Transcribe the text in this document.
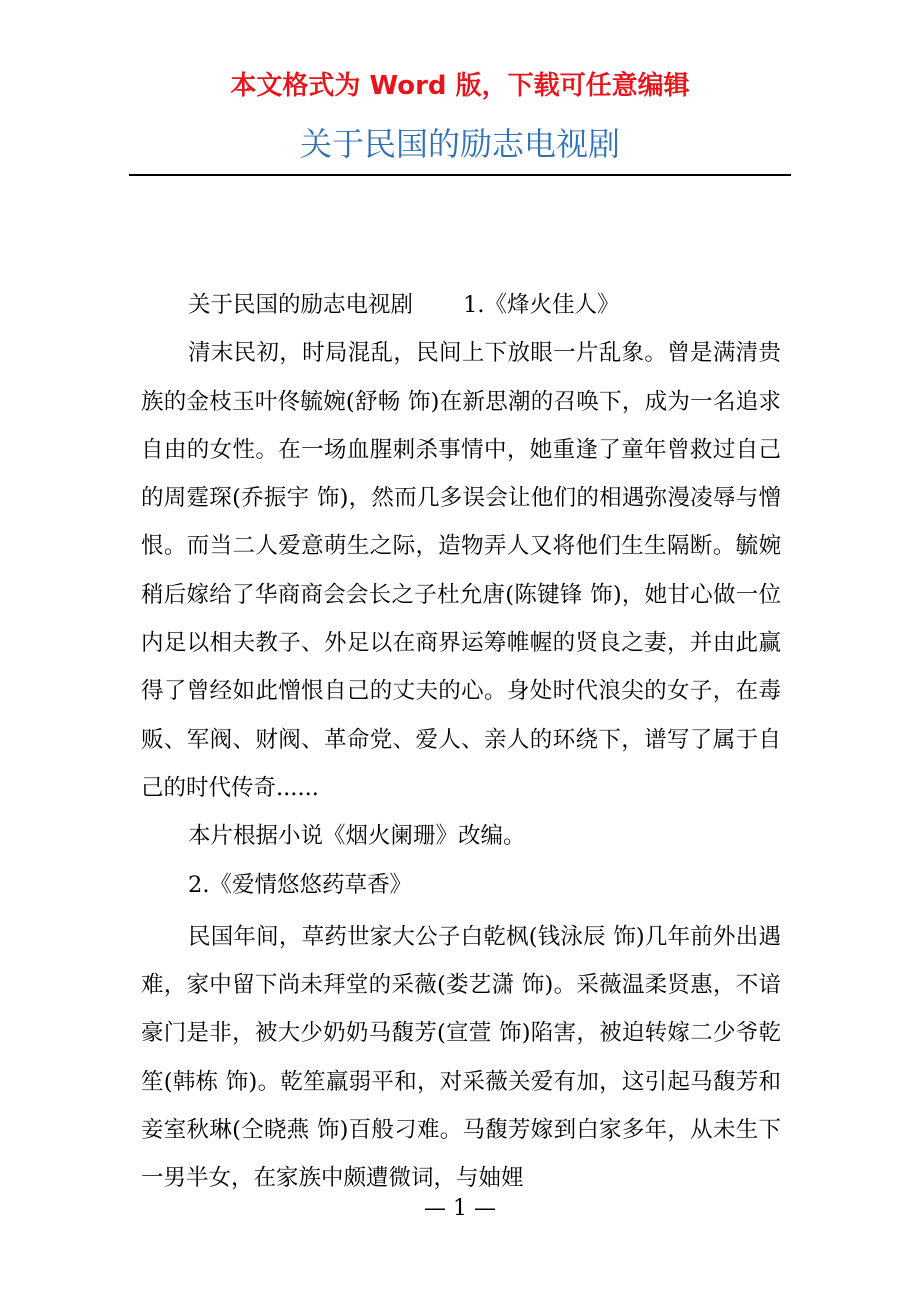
本文格式为 Word 版，下载可任意编辑
关于民国的励志电视剧

关于民国的励志电视剧 1.《烽火佳人》

清末民初，时局混乱，民间上下放眼一片乱象。曾是满清贵族的金枝玉叶佟毓婉(舒畅 饰)在新思潮的召唤下，成为一名追求自由的女性。在一场血腥刺杀事情中，她重逢了童年曾救过自己的周霆琛(乔振宇 饰)，然而几多误会让他们的相遇弥漫凌辱与憎恨。而当二人爱意萌生之际，造物弄人又将他们生生隔断。毓婉稍后嫁给了华商商会会长之子杜允唐(陈键锋 饰)，她甘心做一位内足以相夫教子、外足以在商界运筹帷幄的贤良之妻，并由此赢得了曾经如此憎恨自己的丈夫的心。身处时代浪尖的女子，在毒贩、军阀、财阀、革命党、爱人、亲人的环绕下，谱写了属于自己的时代传奇......

本片根据小说《烟火阑珊》改编。

2.《爱情悠悠药草香》

民国年间，草药世家大公子白乾枫(钱泳辰 饰)几年前外出遇难，家中留下尚未拜堂的采薇(娄艺潇 饰)。采薇温柔贤惠，不谙豪门是非，被大少奶奶马馥芳(宣萱 饰)陷害，被迫转嫁二少爷乾笙(韩栋 饰)。乾笙羸弱平和，对采薇关爱有加，这引起马馥芳和妾室秋琳(仝晓燕 饰)百般刁难。马馥芳嫁到白家多年，从未生下一男半女，在家族中颇遭微词，与妯娌

— 1 —
